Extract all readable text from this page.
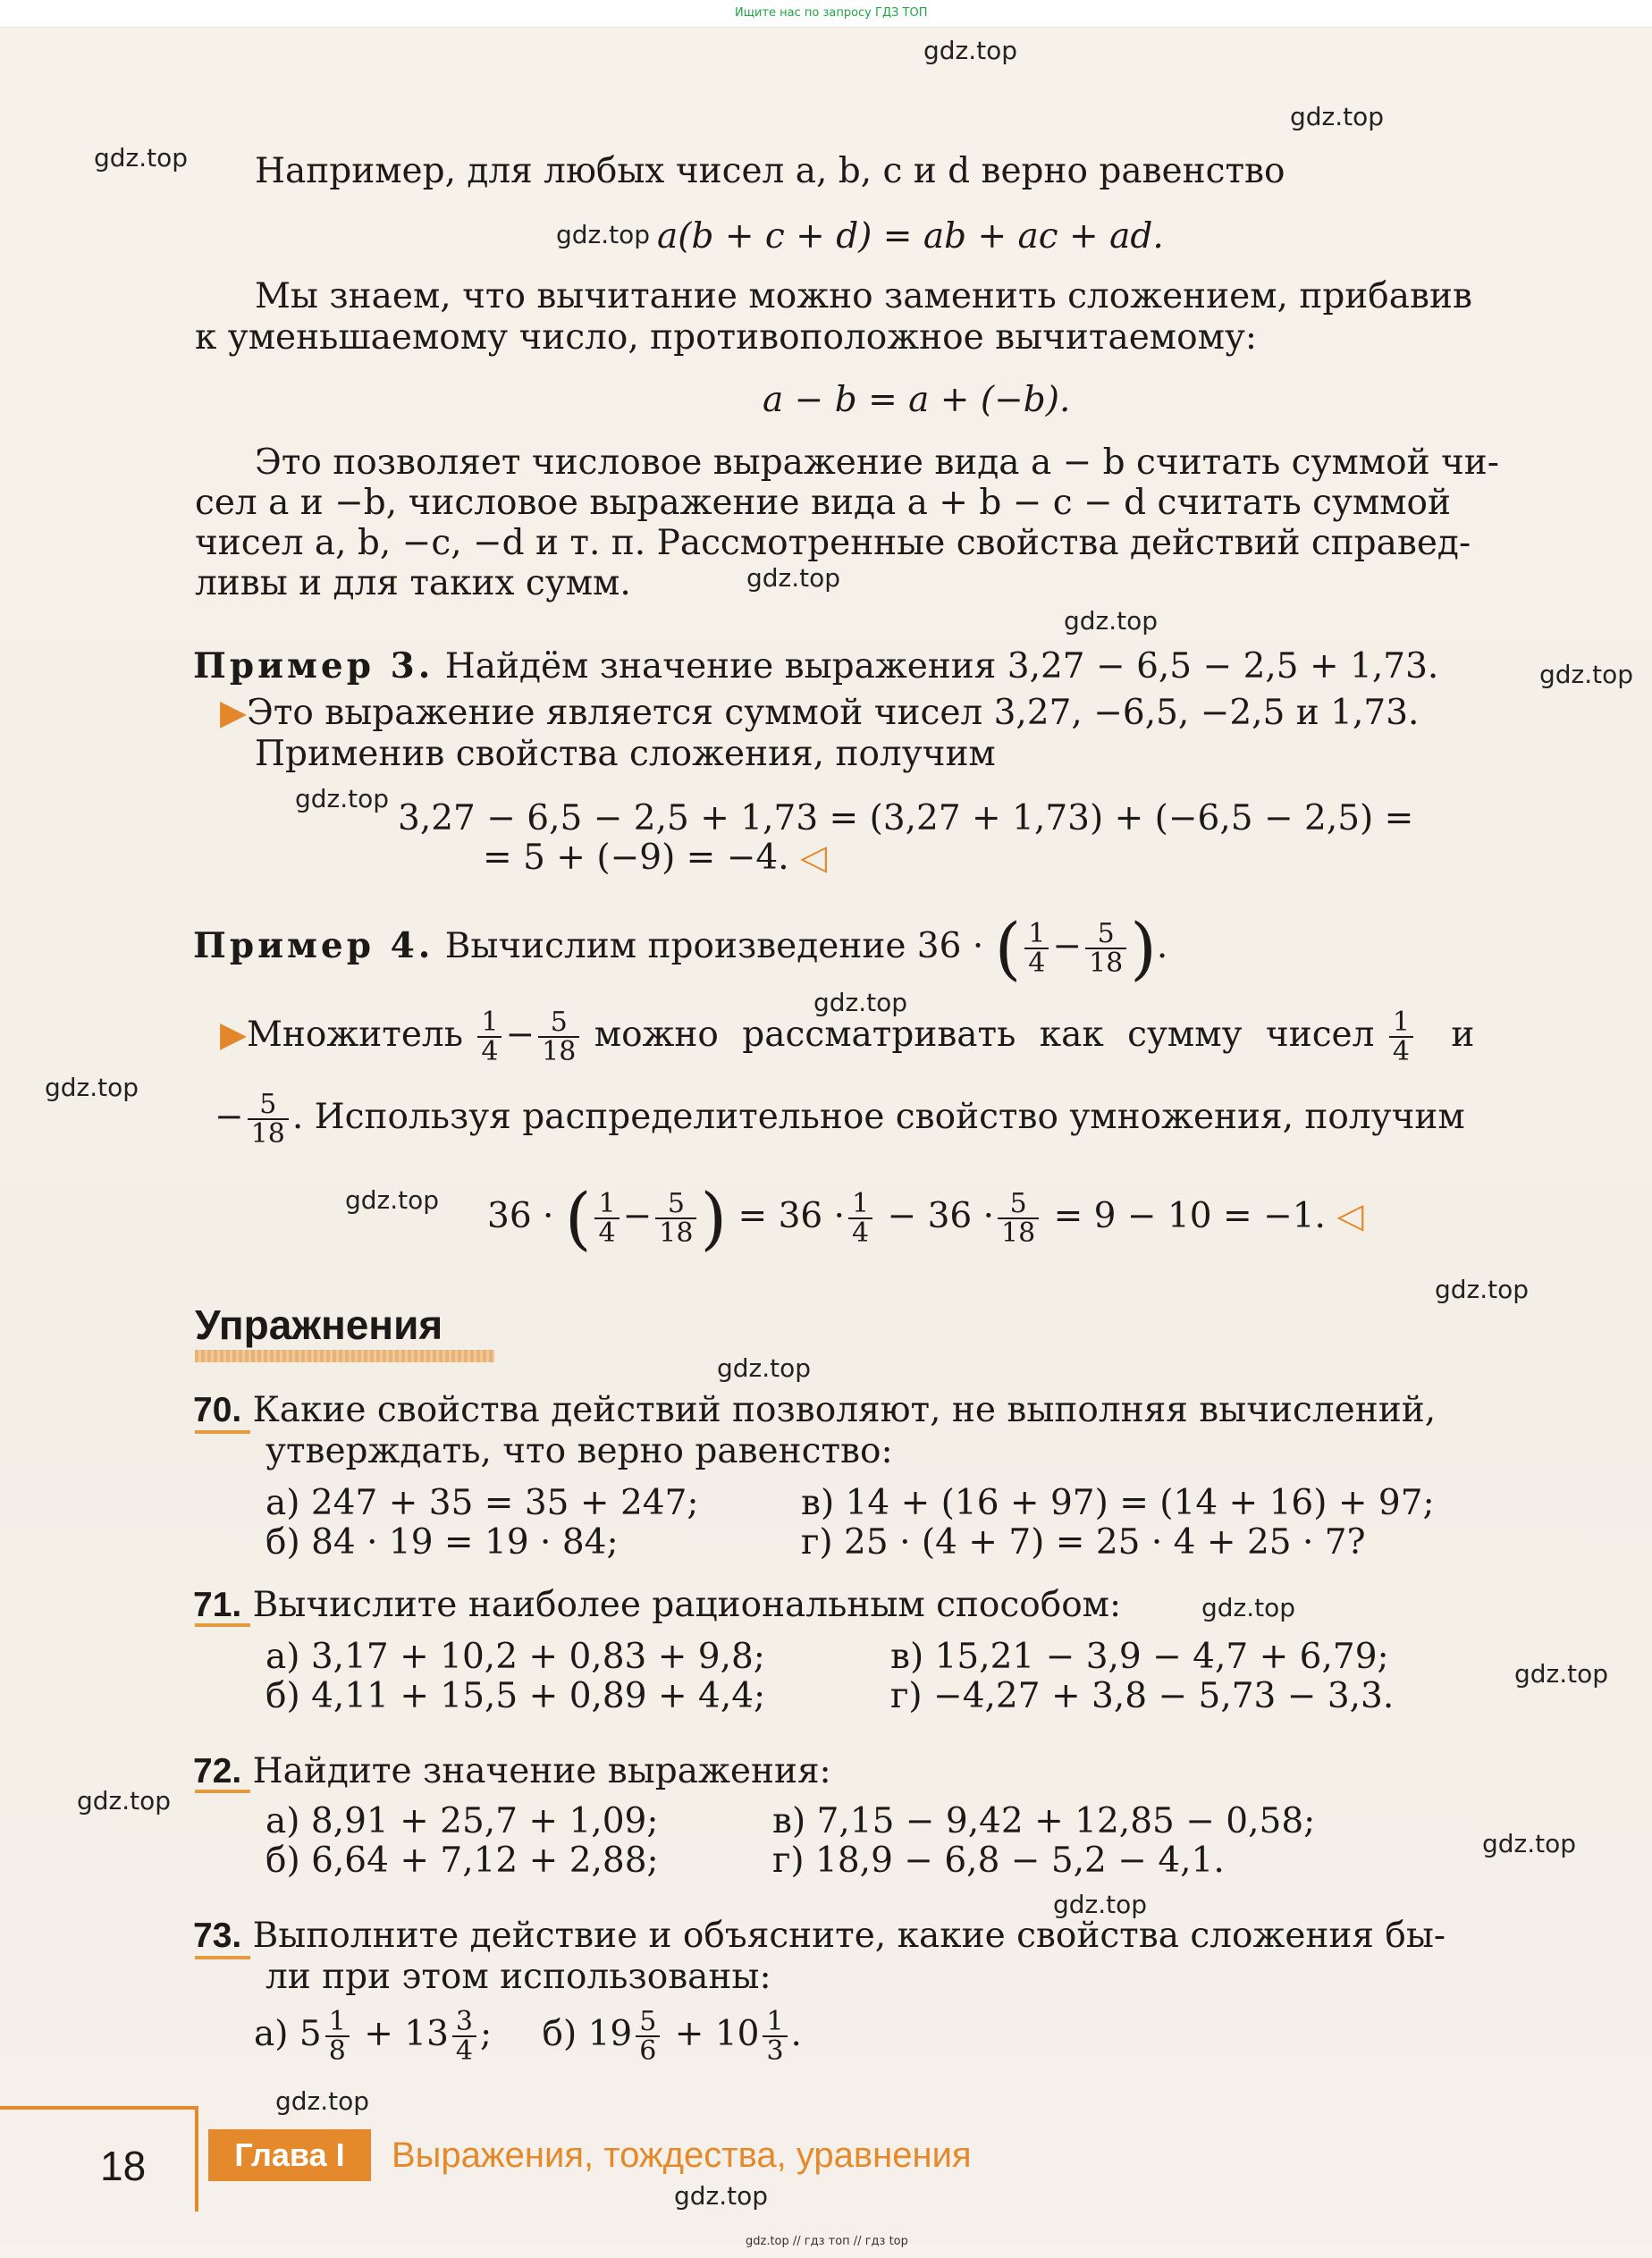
Ищите нас по запросу ГДЗ ТОП
gdz.top
gdz.top
gdz.top
gdz.top
gdz.top
gdz.top
gdz.top
gdz.top
gdz.top
gdz.top
gdz.top
gdz.top
gdz.top
gdz.top
gdz.top
gdz.top
gdz.top
gdz.top
gdz.top
gdz.top
Например, для любых чисел a, b, c и d верно равенство
a(b + c + d) = ab + ac + ad.
Мы знаем, что вычитание можно заменить сложением, прибавив
к уменьшаемому число, противоположное вычитаемому:
a − b = a + (−b).
Это позволяет числовое выражение вида a − b считать суммой чи-
сел a и −b, числовое выражение вида a + b − c − d считать суммой
чисел a, b, −c, −d и т. п. Рассмотренные свойства действий справед-
ливы и для таких сумм.
Пример 3. Найдём значение выражения 3,27 − 6,5 − 2,5 + 1,73.
▶Это выражение является суммой чисел 3,27, −6,5, −2,5 и 1,73.
Применив свойства сложения, получим
3,27 − 6,5 − 2,5 + 1,73 = (3,27 + 1,73) + (−6,5 − 2,5) =
= 5 + (−9) = −4. ◁
Пример 4. Вычислим произведение 36 · ( $\frac{1}{4} - \frac{5}{18}$ ).
▶Множитель $\frac{1}{4} - \frac{5}{18}$ можно рассматривать как сумму чисел $\frac{1}{4}$ и
− $\frac{5}{18}$ . Используя распределительное свойство умножения, получим
36 · ( $\frac{1}{4} - \frac{5}{18}$ ) = $36 \cdot \frac{1}{4} - 36 \cdot \frac{5}{18} = 9 - 10 = -1$. ◁
Упражнения
70. Какие свойства действий позволяют, не выполняя вычислений,
утверждать, что верно равенство:
а) 247 + 35 = 35 + 247;
б) 84 · 19 = 19 · 84;
в) 14 + (16 + 97) = (14 + 16) + 97;
г) 25 · (4 + 7) = 25 · 4 + 25 · 7?
71. Вычислите наиболее рациональным способом:
а) 3,17 + 10,2 + 0,83 + 9,8;
б) 4,11 + 15,5 + 0,89 + 4,4;
в) 15,21 − 3,9 − 4,7 + 6,79;
г) −4,27 + 3,8 − 5,73 − 3,3.
72. Найдите значение выражения:
а) 8,91 + 25,7 + 1,09;
б) 6,64 + 7,12 + 2,88;
в) 7,15 − 9,42 + 12,85 − 0,58;
г) 18,9 − 6,8 − 5,2 − 4,1.
73. Выполните действие и объясните, какие свойства сложения бы-
ли при этом использованы:
а) $5 \frac{1}{8} + 13 \frac{3}{4}$ ; б) $19 \frac{5}{6} + 10 \frac{1}{3}$ .
18	Глава I	Выражения, тождества, уравнения
gdz.top // гдз топ // гдз top
